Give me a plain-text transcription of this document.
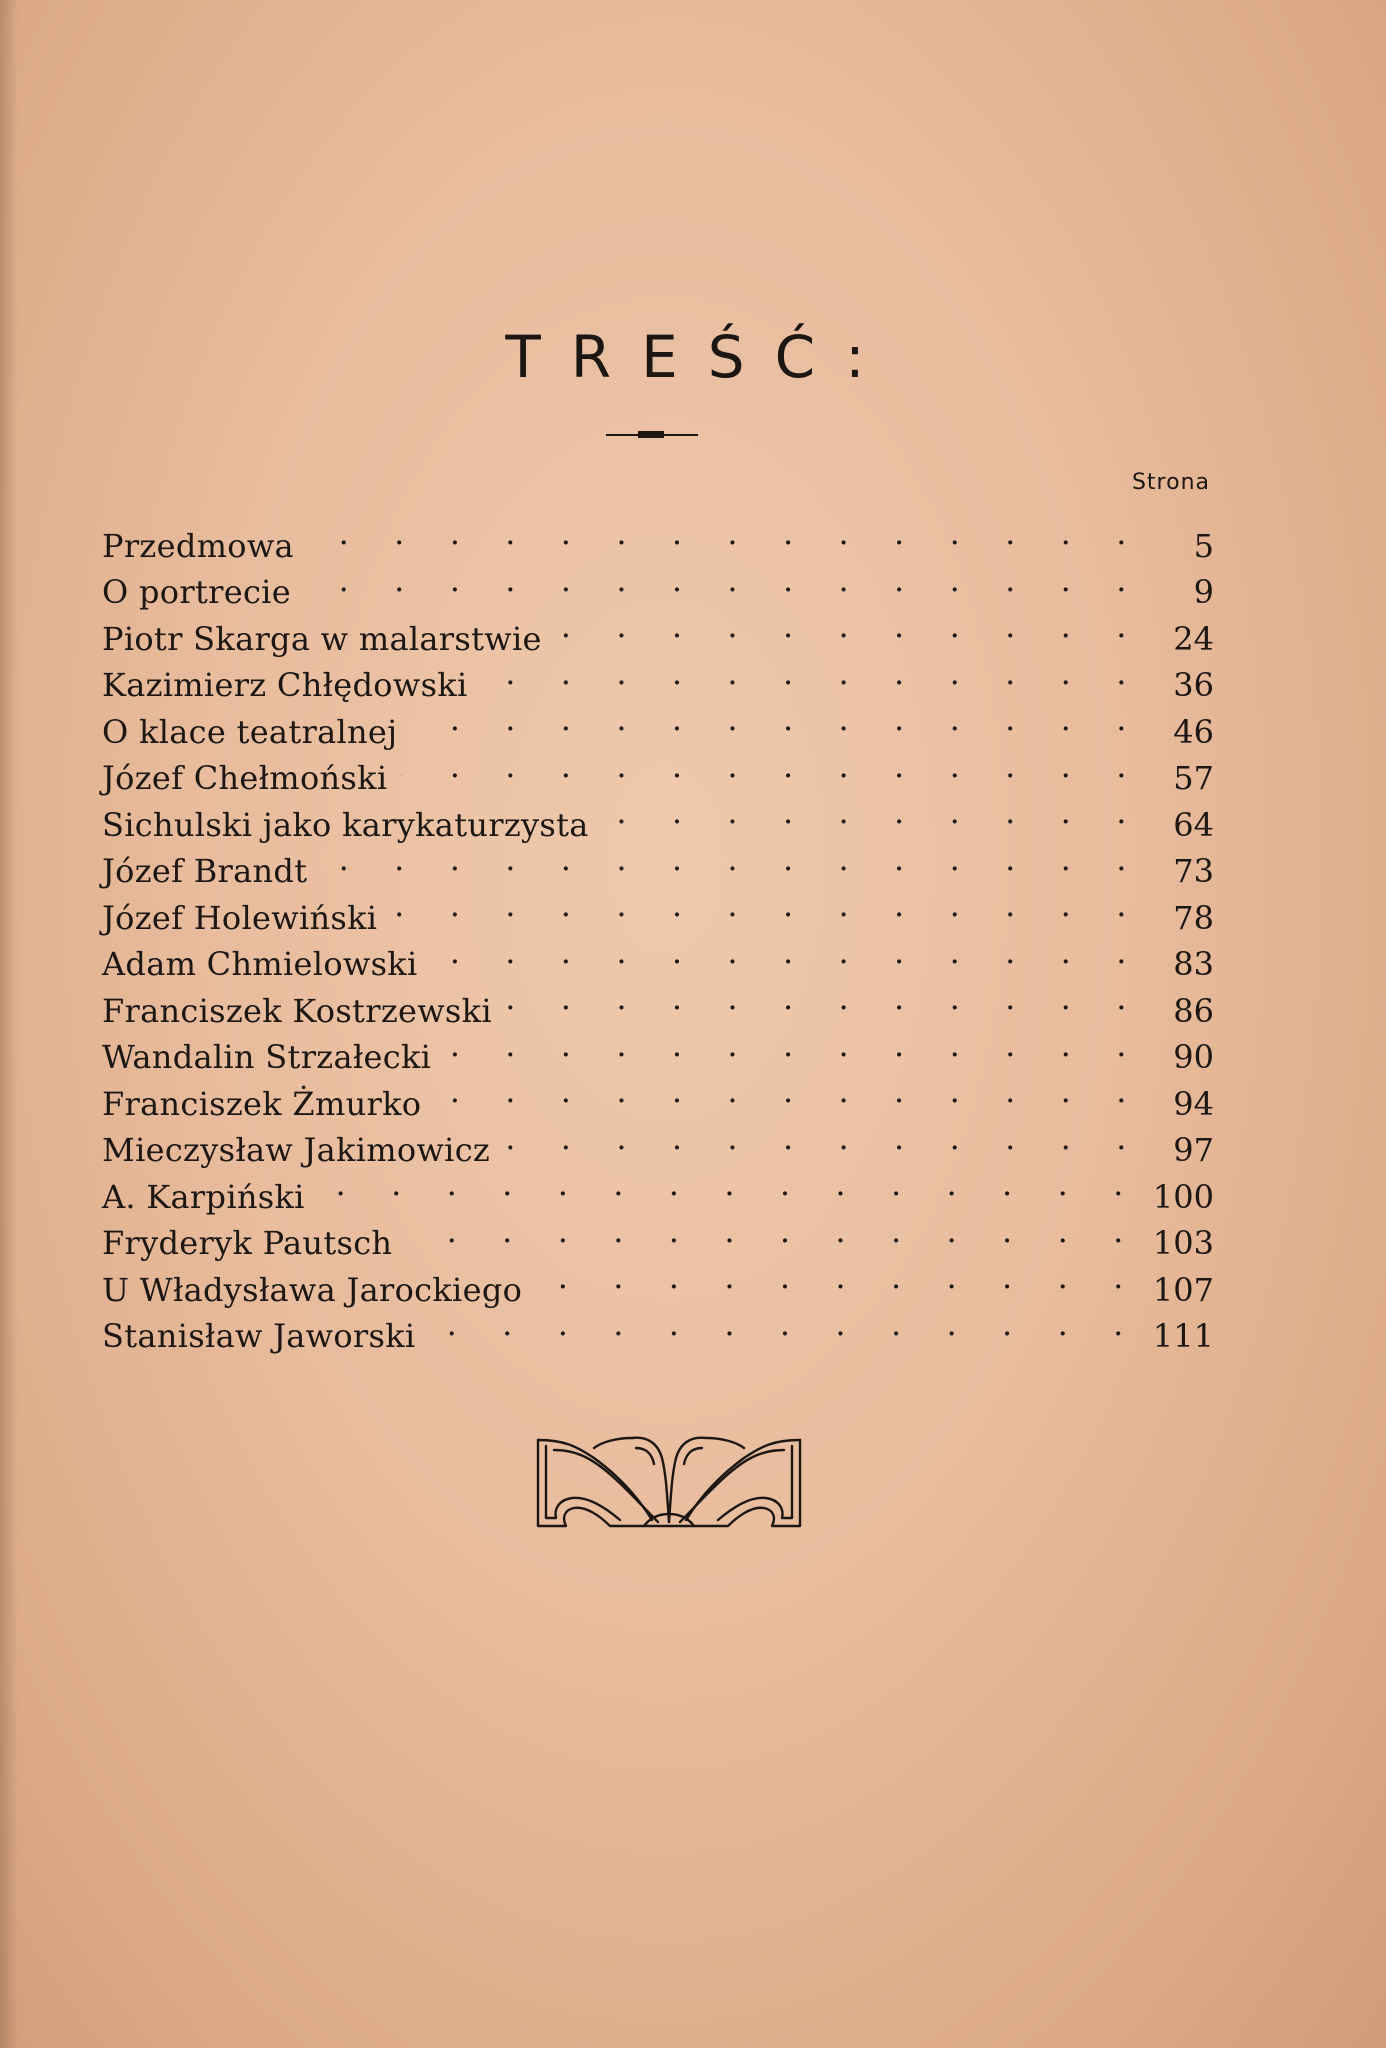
TREŚĆ:
Strona
Przedmowa . . .	5
O portrecie . . .	9
Piotr Skarga w malarstwie . . .	24
Kazimierz Chłędowski . . .	36
O klace teatralnej . . .	46
Józef Chełmoński . . .	57
Sichulski jako karykaturzysta . . .	64
Józef Brandt . . .	73
Józef Holewiński . . .	78
Adam Chmielowski . . .	83
Franciszek Kostrzewski . . .	86
Wandalin Strzałecki . . .	90
Franciszek Żmurko . . .	94
Mieczysław Jakimowicz . . .	97
A. Karpiński . . .	100
Fryderyk Pautsch . . .	103
U Władysława Jarockiego . . .	107
Stanisław Jaworski . . .	111
